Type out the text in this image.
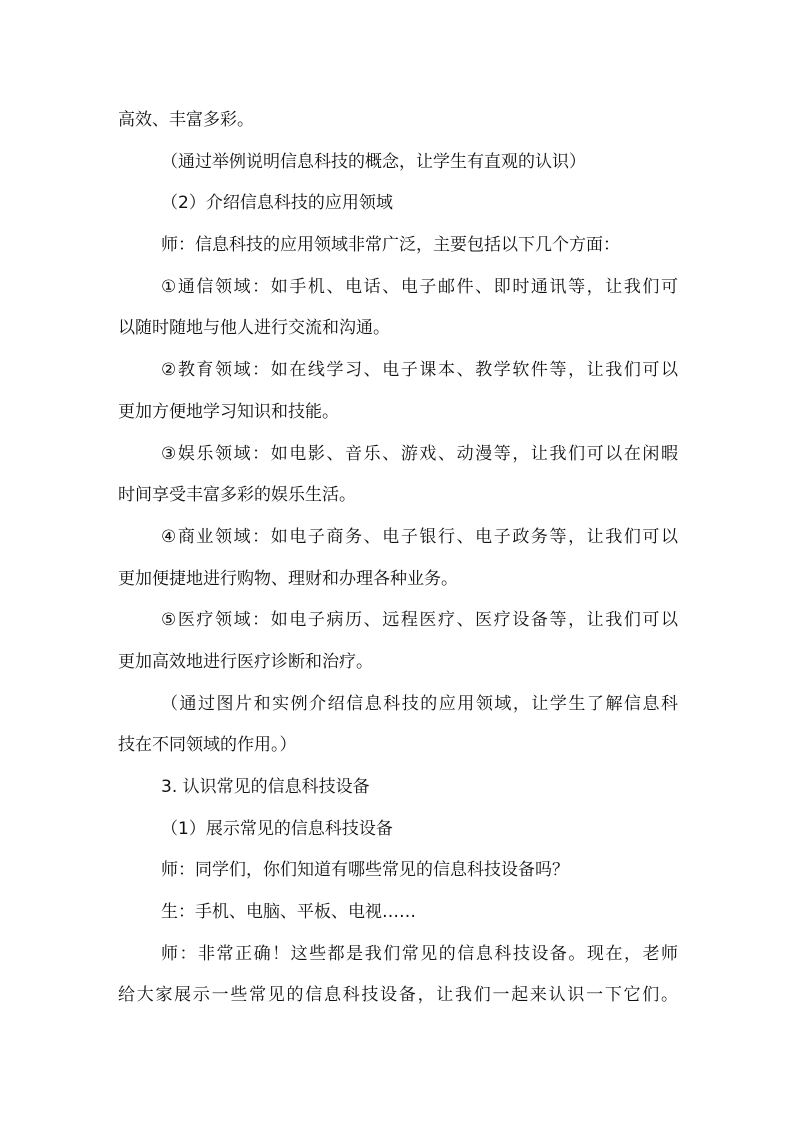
高效、丰富多彩。
（通过举例说明信息科技的概念，让学生有直观的认识）
（2）介绍信息科技的应用领域
师：信息科技的应用领域非常广泛，主要包括以下几个方面：
①通信领域：如手机、电话、电子邮件、即时通讯等，让我们可
以随时随地与他人进行交流和沟通。
②教育领域：如在线学习、电子课本、教学软件等，让我们可以
更加方便地学习知识和技能。
③娱乐领域：如电影、音乐、游戏、动漫等，让我们可以在闲暇
时间享受丰富多彩的娱乐生活。
④商业领域：如电子商务、电子银行、电子政务等，让我们可以
更加便捷地进行购物、理财和办理各种业务。
⑤医疗领域：如电子病历、远程医疗、医疗设备等，让我们可以
更加高效地进行医疗诊断和治疗。
（通过图片和实例介绍信息科技的应用领域，让学生了解信息科
技在不同领域的作用。）
3. 认识常见的信息科技设备
（1）展示常见的信息科技设备
师：同学们，你们知道有哪些常见的信息科技设备吗？
生：手机、电脑、平板、电视……
师：非常正确！这些都是我们常见的信息科技设备。现在，老师
给大家展示一些常见的信息科技设备，让我们一起来认识一下它们。
